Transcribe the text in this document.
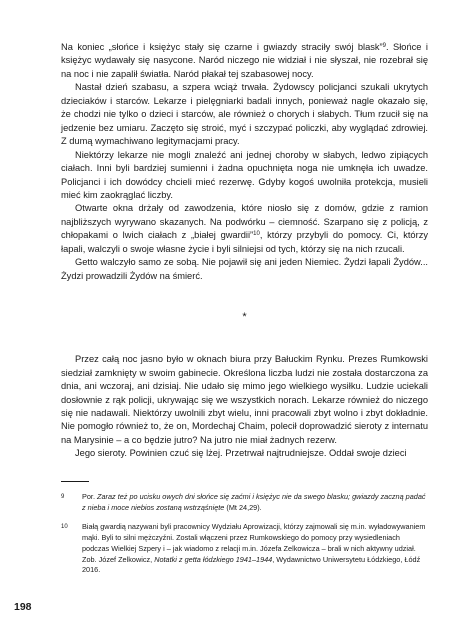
Na koniec „słońce i księżyc stały się czarne i gwiazdy straciły swój blask”$^9$. Słońce i księżyc wydawały się nasycone. Naród niczego nie widział i nie słyszał, nie rozebrał się na noc i nie zapalił światła. Naród płakał tej szabasowej nocy.

Nastał dzień szabasu, a szpera wciąż trwała. Żydowscy policjanci szukali ukrytych dzieciaków i starców. Lekarze i pielęgniarki badali innych, ponieważ nagle okazało się, że chodzi nie tylko o dzieci i starców, ale również o chorych i słabych. Tłum rzucił się na jedzenie bez umiaru. Zaczęto się stroić, myć i szczypać policzki, aby wyglądać zdrowiej. Z dumą wymachiwano legitymacjami pracy.

Niektórzy lekarze nie mogli znaleźć ani jednej choroby w słabych, ledwo zipiących ciałach. Inni byli bardziej sumienni i żadna opuchnięta noga nie umknęła ich uwadze. Policjanci i ich dowódcy chcieli mieć rezerwę. Gdyby kogoś uwolniła protekcja, musieli mieć kim zaokrąglać liczby.

Otwarte okna drżały od zawodzenia, które niosło się z domów, gdzie z ramion najbliższych wyrywano skazanych. Na podwórku – ciemność. Szarpano się z policją, z chłopakami o lwich ciałach z „białej gwardii”$^{10}$, którzy przybyli do pomocy. Ci, którzy łapali, walczyli o swoje własne życie i byli silniejsi od tych, którzy się na nich rzucali.

Getto walczyło samo ze sobą. Nie pojawił się ani jeden Niemiec. Żydzi łapali Żydów... Żydzi prowadzili Żydów na śmierć.

*

Przez całą noc jasno było w oknach biura przy Bałuckim Rynku. Prezes Rumkowski siedział zamknięty w swoim gabinecie. Określona liczba ludzi nie została dostarczona za dnia, ani wczoraj, ani dzisiaj. Nie udało się mimo jego wielkiego wysiłku. Ludzie uciekali dosłownie z rąk policji, ukrywając się we wszystkich norach. Lekarze również do niczego się nie nadawali. Niektórzy uwolnili zbyt wielu, inni pracowali zbyt wolno i zbyt dokładnie. Nie pomogło również to, że on, Mordechaj Chaim, polecił doprowadzić sieroty z internatu na Marysinie – a co będzie jutro? Na jutro nie miał żadnych rezerw.

Jego sieroty. Powinien czuć się lżej. Przetrwał najtrudniejsze. Oddał swoje dzieci

9 Por. Zaraz też po ucisku owych dni słońce się zaćmi i księżyc nie da swego blasku; gwiazdy zaczną padać z nieba i moce niebios zostaną wstrząśnięte (Mt 24,29).
10 Białą gwardią nazywani byli pracownicy Wydziału Aprowizacji, którzy zajmowali się m.in. wyładowywaniem mąki. Byli to silni mężczyźni. Zostali włączeni przez Rumkowskiego do pomocy przy wysiedleniach podczas Wielkiej Szpery i – jak wiadomo z relacji m.in. Józefa Zelkowicza – brali w nich aktywny udział. Zob. Józef Zelkowicz, Notatki z getta łódzkiego 1941–1944, Wydawnictwo Uniwersytetu Łódzkiego, Łódź 2016.
198
